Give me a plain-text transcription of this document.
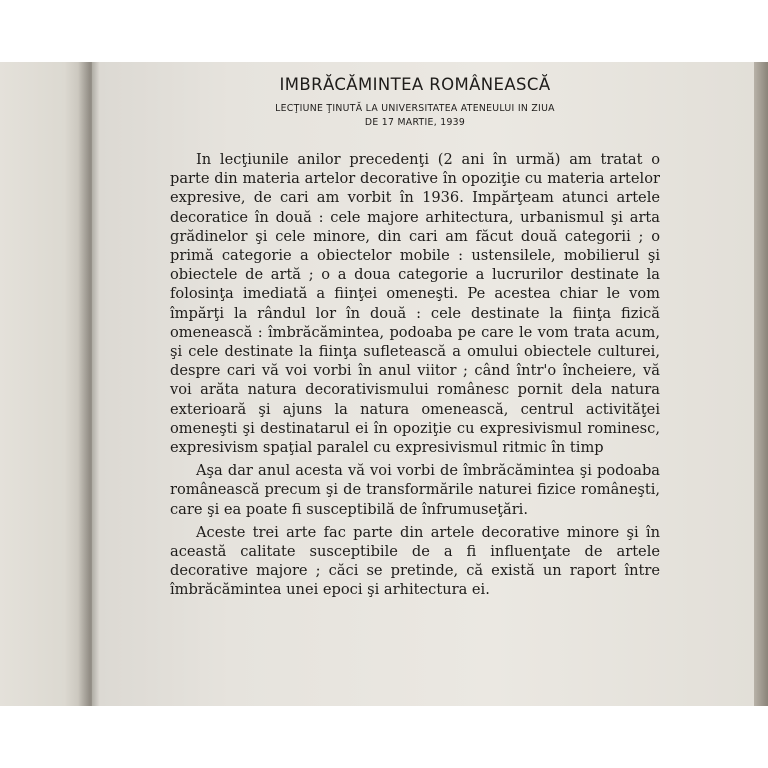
IMBRĂCĂMINTEA ROMÂNEASCĂ
LECŢIUNE ŢINUTĂ LA UNIVERSITATEA ATENEULUI IN ZIUA
DE 17 MARTIE, 1939

In lecţiunile anilor precedenţi (2 ani în urmă) am tratat o parte din materia artelor decorative în opoziţie cu materia artelor expresive, de cari am vorbit în 1936. Impărţeam atunci artele decoratice în două : cele majore arhitectura, urbanismul şi arta grădinelor şi cele minore, din cari am făcut două categorii ; o primă categorie a obiectelor mobile : ustensilele, mobilierul şi obiectele de artă ; o a doua categorie a lucrurilor destinate la folosinţa imediată a fiinţei omeneşti. Pe acestea chiar le vom împărţi la rândul lor în două : cele destinate la fiinţa fizică omenească : îmbrăcămintea, podoaba pe care le vom trata acum, şi cele destinate la fiinţa sufletească a omului obiectele culturei, despre cari vă voi vorbi în anul viitor ; când într'o încheiere, vă voi arăta natura decorativismului românesc pornit dela natura exterioară şi ajuns la natura omenească, centrul activităţei omeneşti şi destinatarul ei în opoziţie cu expresivismul rominesc, expresivism spaţial paralel cu expresivismul ritmic în timp

Aşa dar anul acesta vă voi vorbi de îmbrăcămintea şi podoaba românească precum şi de transformările naturei fizice româneşti, care şi ea poate fi susceptibilă de înfrumuseţări.

Aceste trei arte fac parte din artele decorative minore şi în această calitate susceptibile de a fi influenţate de artele decorative majore ; căci se pretinde, că există un raport între îmbrăcămintea unei epoci şi arhitectura ei.
